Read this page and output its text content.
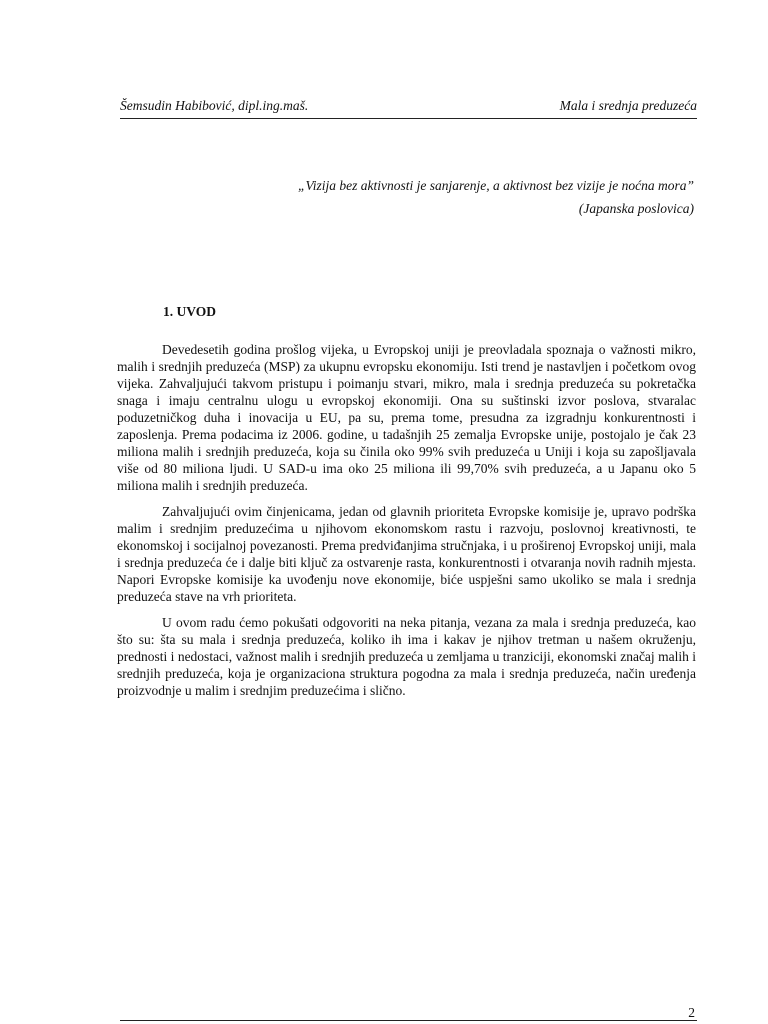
Šemsudin Habibović, dipl.ing.maš.	Mala i srednja preduzeća
„Vizija bez aktivnosti je sanjarenje, a aktivnost bez vizije je noćna mora”
(Japanska poslovica)
1. UVOD

Devedesetih godina prošlog vijeka, u Evropskoj uniji je preovladala spoznaja o važnosti mikro, malih i srednjih preduzeća (MSP) za ukupnu evropsku ekonomiju. Isti trend je nastavljen i početkom ovog vijeka. Zahvaljujući takvom pristupu i poimanju stvari, mikro, mala i srednja preduzeća su pokretačka snaga i imaju centralnu ulogu u evropskoj ekonomiji. Ona su suštinski izvor poslova, stvaralac poduzetničkog duha i inovacija u EU, pa su, prema tome, presudna za izgradnju konkurentnosti i zaposlenja. Prema podacima iz 2006. godine, u tadašnjih 25 zemalja Evropske unije, postojalo je čak 23 miliona malih i srednjih preduzeća, koja su činila oko 99% svih preduzeća u Uniji i koja su zapošljavala više od 80 miliona ljudi. U SAD-u ima oko 25 miliona ili 99,70% svih preduzeća, a u Japanu oko 5 miliona malih i srednjih preduzeća.

Zahvaljujući ovim činjenicama, jedan od glavnih prioriteta Evropske komisije je, upravo podrška malim i srednjim preduzećima u njihovom ekonomskom rastu i razvoju, poslovnoj kreativnosti, te ekonomskoj i socijalnoj povezanosti. Prema predviđanjima stručnjaka, i u proširenoj Evropskoj uniji, mala i srednja preduzeća će i dalje biti ključ za ostvarenje rasta, konkurentnosti i otvaranja novih radnih mjesta. Napori Evropske komisije ka uvođenju nove ekonomije, biće uspješni samo ukoliko se mala i srednja preduzeća stave na vrh prioriteta.

U ovom radu ćemo pokušati odgovoriti na neka pitanja, vezana za mala i srednja preduzeća, kao što su: šta su mala i srednja preduzeća, koliko ih ima i kakav je njihov tretman u našem okruženju, prednosti i nedostaci, važnost malih i srednjih preduzeća u zemljama u tranziciji, ekonomski značaj malih i srednjih preduzeća, koja je organizaciona struktura pogodna za mala i srednja preduzeća, način uređenja proizvodnje u malim i srednjim preduzećima i slično.

2
